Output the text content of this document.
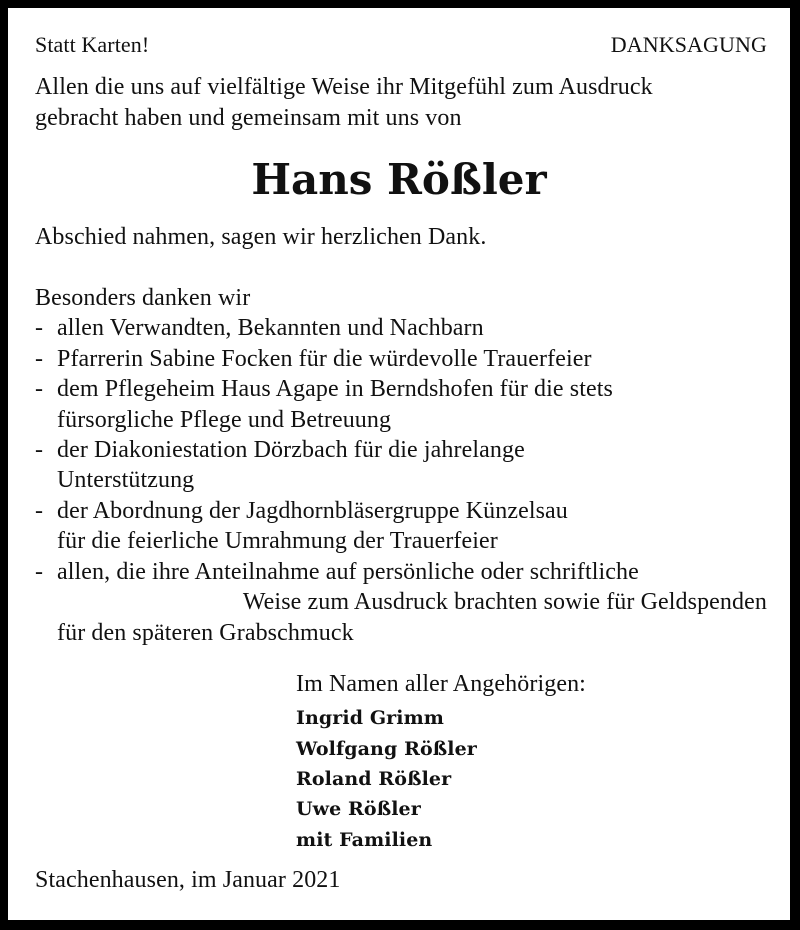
Statt Karten!	DANKSAGUNG
Allen die uns auf vielfältige Weise ihr Mitgefühl zum Ausdruck
gebracht haben und gemeinsam mit uns von
Hans Rößler
Abschied nahmen, sagen wir herzlichen Dank.
Besonders danken wir
- allen Verwandten, Bekannten und Nachbarn
- Pfarrerin Sabine Focken für die würdevolle Trauerfeier
- dem Pflegeheim Haus Agape in Berndshofen für die stets
fürsorgliche Pflege und Betreuung
- der Diakoniestation Dörzbach für die jahrelange
Unterstützung
- der Abordnung der Jagdhornbläsergruppe Künzelsau
für die feierliche Umrahmung der Trauerfeier
- allen, die ihre Anteilnahme auf persönliche oder schriftliche
Weise zum Ausdruck brachten sowie für Geldspenden
für den späteren Grabschmuck
Im Namen aller Angehörigen:
Ingrid Grimm
Wolfgang Rößler
Roland Rößler
Uwe Rößler
mit Familien
Stachenhausen, im Januar 2021
